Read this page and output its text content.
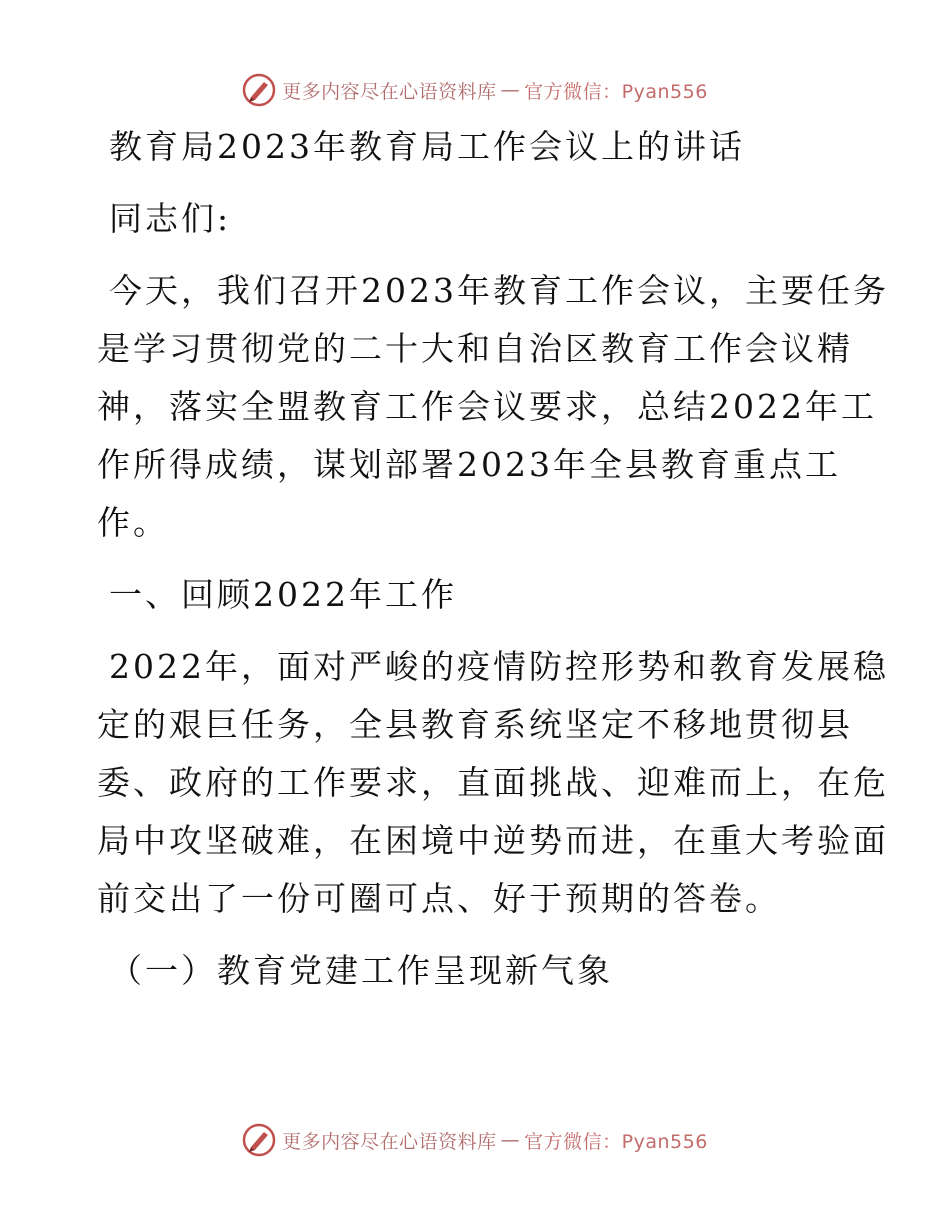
更多内容尽在心语资料库 — 官方微信：Pyan556
教育局2023年教育局工作会议上的讲话
同志们:
今天，我们召开2023年教育工作会议，主要任务
是学习贯彻党的二十大和自治区教育工作会议精
神，落实全盟教育工作会议要求，总结2022年工
作所得成绩，谋划部署2023年全县教育重点工
作。
一、回顾2022年工作
2022年，面对严峻的疫情防控形势和教育发展稳
定的艰巨任务，全县教育系统坚定不移地贯彻县
委、政府的工作要求，直面挑战、迎难而上，在危
局中攻坚破难，在困境中逆势而进，在重大考验面
前交出了一份可圈可点、好于预期的答卷。
（一）教育党建工作呈现新气象
更多内容尽在心语资料库 — 官方微信：Pyan556
